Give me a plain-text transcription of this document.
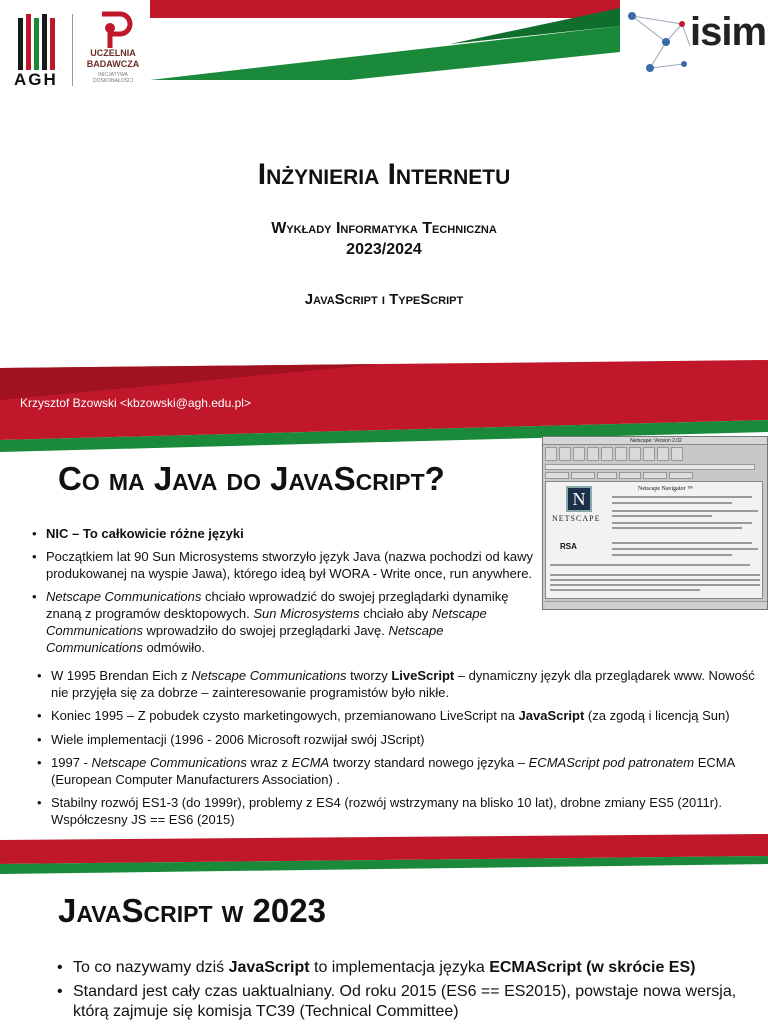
AGH
UCZELNIA BADAWCZA
INICJATYWA DOSKONAŁOŚCI
isim
Inżynieria Internetu
Wykłady Informatyka Techniczna
2023/2024
JavaScript i TypeScript
Krzysztof Bzowski <kbzowski@agh.edu.pl>
Co ma Java do JavaScript?
Netscape: Version 2.02
N
NETSCAPE
Netscape Navigator ™
RSA
• NIC – To całkowicie różne języki
• Początkiem lat 90 Sun Microsystems stworzyło język Java (nazwa pochodzi od kawy produkowanej na wyspie Jawa), którego ideą był WORA - Write once, run anywhere.
• Netscape Communications chciało wprowadzić do swojej przeglądarki dynamikę znaną z programów desktopowych. Sun Microsystems chciało aby Netscape Communications wprowadziło do swojej przeglądarki Javę. Netscape Communications odmówiło.
• W 1995 Brendan Eich z Netscape Communications tworzy LiveScript – dynamiczny język dla przeglądarek www. Nowość nie przyjęła się za dobrze – zainteresowanie programistów było nikłe.
• Koniec 1995 – Z pobudek czysto marketingowych, przemianowano LiveScript na JavaScript (za zgodą i licencją Sun)
• Wiele implementacji (1996 - 2006 Microsoft rozwijał swój JScript)
• 1997 - Netscape Communications wraz z ECMA tworzy standard nowego języka – ECMAScript pod patronatem ECMA (European Computer Manufacturers Association) .
• Stabilny rozwój ES1-3 (do 1999r), problemy z ES4 (rozwój wstrzymany na blisko 10 lat), drobne zmiany ES5 (2011r). Współczesny JS == ES6 (2015)
JavaScript w 2023
• To co nazywamy dziś JavaScript to implementacja języka ECMAScript (w skrócie ES)
• Standard jest cały czas uaktualniany. Od roku 2015 (ES6 == ES2015), powstaje nowa wersja, którą zajmuje się komisja TC39 (Technical Committee)
